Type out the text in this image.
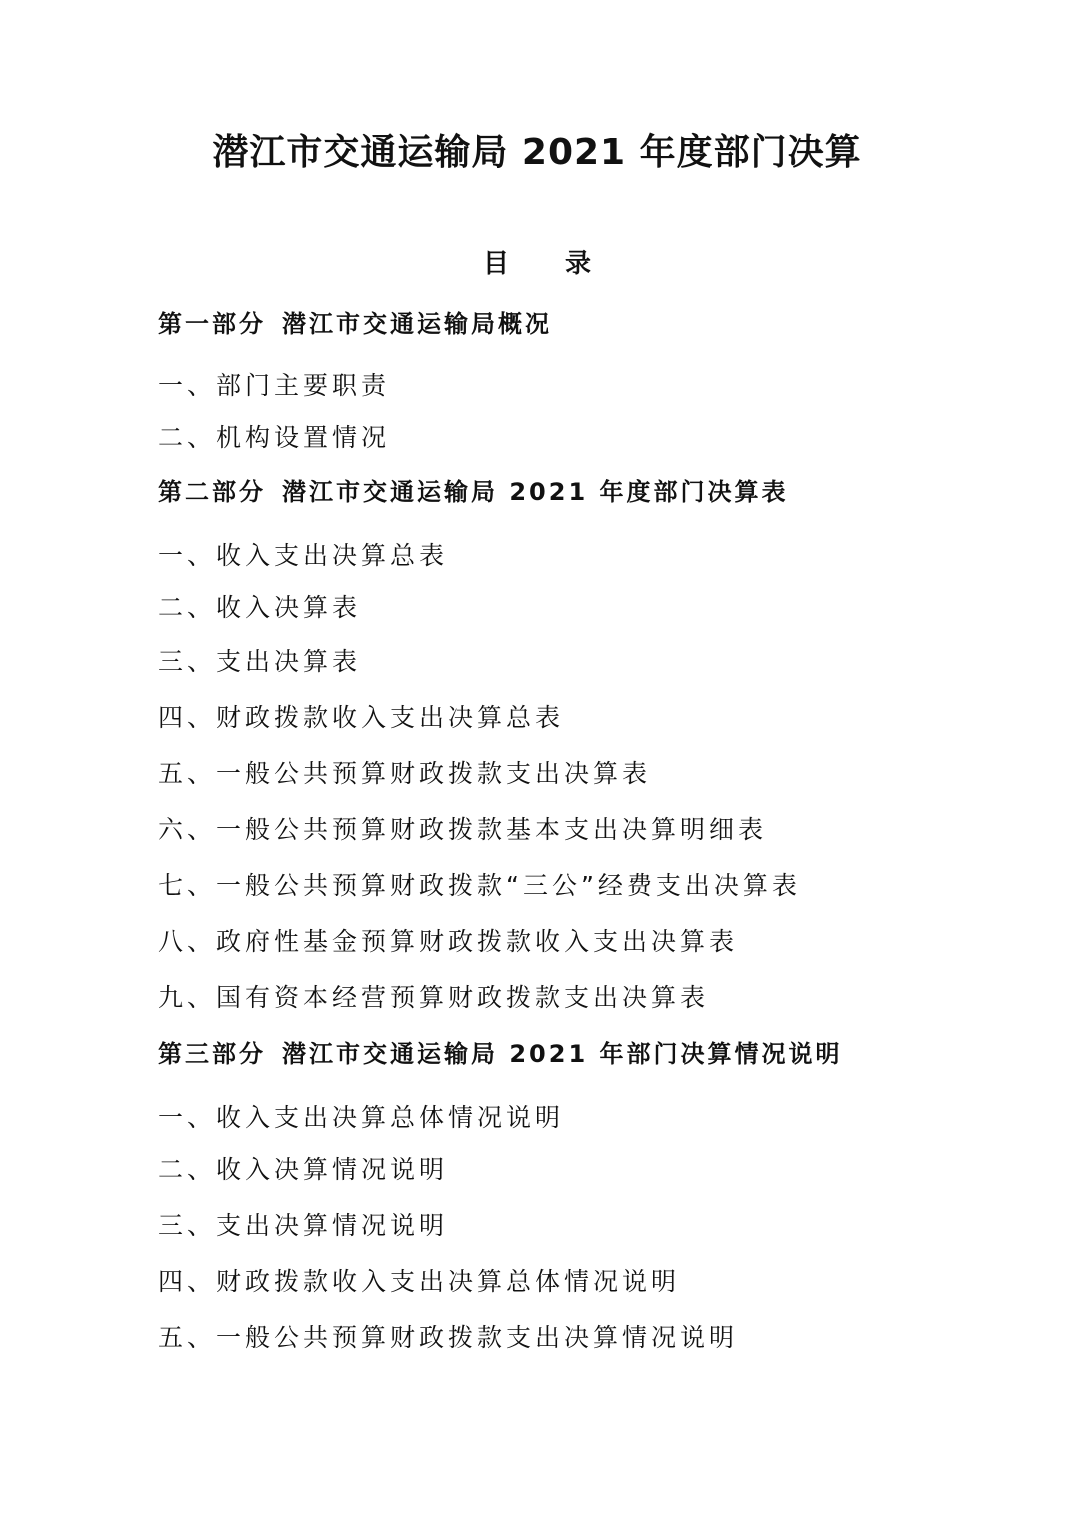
潜江市交通运输局 2021 年度部门决算
目 录
第一部分 潜江市交通运输局概况
一、部门主要职责
二、机构设置情况
第二部分 潜江市交通运输局 2021 年度部门决算表
一、收入支出决算总表
二、收入决算表
三、支出决算表
四、财政拨款收入支出决算总表
五、一般公共预算财政拨款支出决算表
六、一般公共预算财政拨款基本支出决算明细表
七、一般公共预算财政拨款“三公”经费支出决算表
八、政府性基金预算财政拨款收入支出决算表
九、国有资本经营预算财政拨款支出决算表
第三部分 潜江市交通运输局 2021 年部门决算情况说明
一、收入支出决算总体情况说明
二、收入决算情况说明
三、支出决算情况说明
四、财政拨款收入支出决算总体情况说明
五、一般公共预算财政拨款支出决算情况说明
